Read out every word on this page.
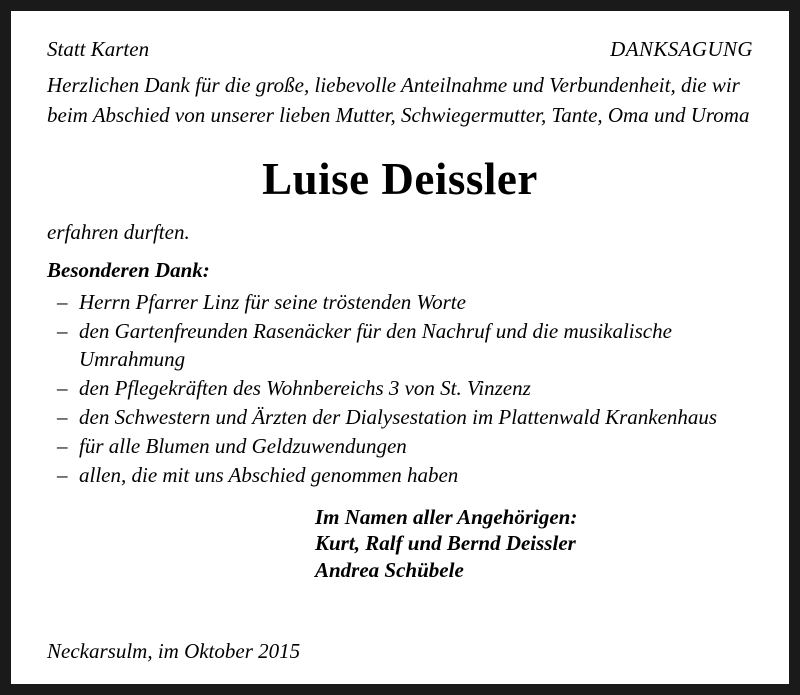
Statt Karten	DANKSAGUNG

Herzlichen Dank für die große, liebevolle Anteilnahme und Verbundenheit, die wir beim Abschied von unserer lieben Mutter, Schwiegermutter, Tante, Oma und Uroma

Luise Deissler
erfahren durften.
Besonderen Dank:
– Herrn Pfarrer Linz für seine tröstenden Worte
– den Gartenfreunden Rasenäcker für den Nachruf und die musikalische Umrahmung
– den Pflegekräften des Wohnbereichs 3 von St. Vinzenz
– den Schwestern und Ärzten der Dialysestation im Plattenwald Krankenhaus
– für alle Blumen und Geldzuwendungen
– allen, die mit uns Abschied genommen haben
Im Namen aller Angehörigen:
Kurt, Ralf und Bernd Deissler
Andrea Schübele
Neckarsulm, im Oktober 2015
